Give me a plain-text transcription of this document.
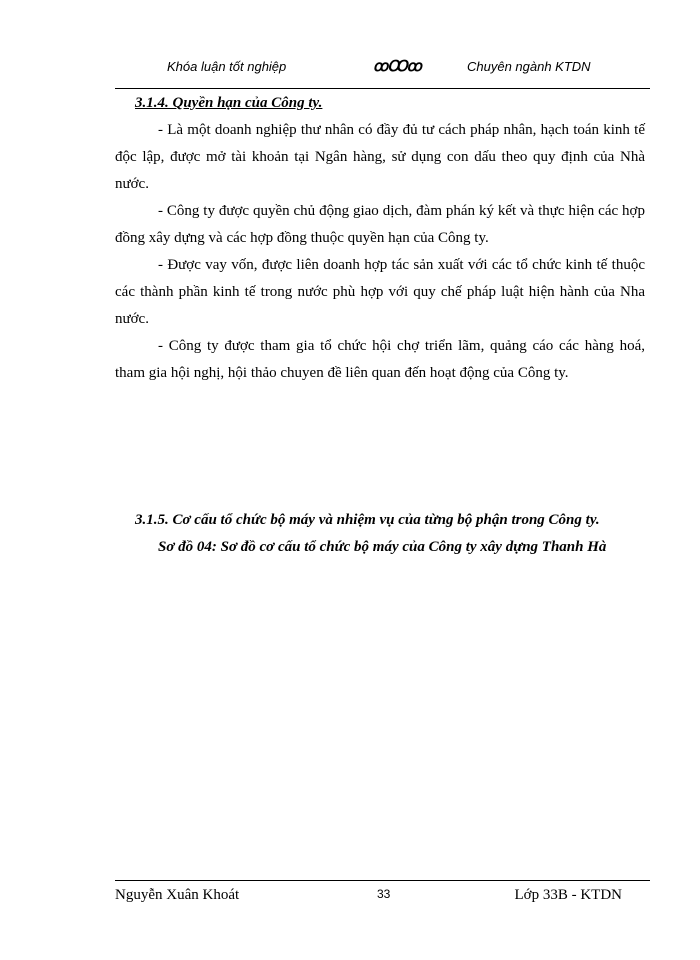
Khóa luận tốt nghiệp	ꝏꝎꝏ	Chuyên ngành KTDN

3.1.4. Quyền hạn của Công ty.

- Là một doanh nghiệp thư nhân có đầy đủ tư cách pháp nhân, hạch toán kinh tế độc lập, được mở tài khoản tại Ngân hàng, sử dụng con dấu theo quy định của Nhà nước.

- Công ty được quyền chủ động giao dịch, đàm phán ký kết và thực hiện các hợp đồng xây dựng và các hợp đồng thuộc quyền hạn của Công ty.

- Được vay vốn, được liên doanh hợp tác sản xuất với các tổ chức kinh tế thuộc các thành phần kinh tế trong nước phù hợp với quy chế pháp luật hiện hành của Nha nước.

- Công ty được tham gia tổ chức hội chợ triển lãm, quảng cáo các hàng hoá, tham gia hội nghị, hội thảo chuyen đề liên quan đến hoạt động của Công ty.

3.1.5. Cơ cấu tổ chức bộ máy và nhiệm vụ của từng bộ phận trong Công ty.

Sơ đồ 04: Sơ đồ cơ cấu tổ chức bộ máy của Công ty xây dựng Thanh Hà

Nguyễn Xuân Khoát	33	Lớp 33B - KTDN
